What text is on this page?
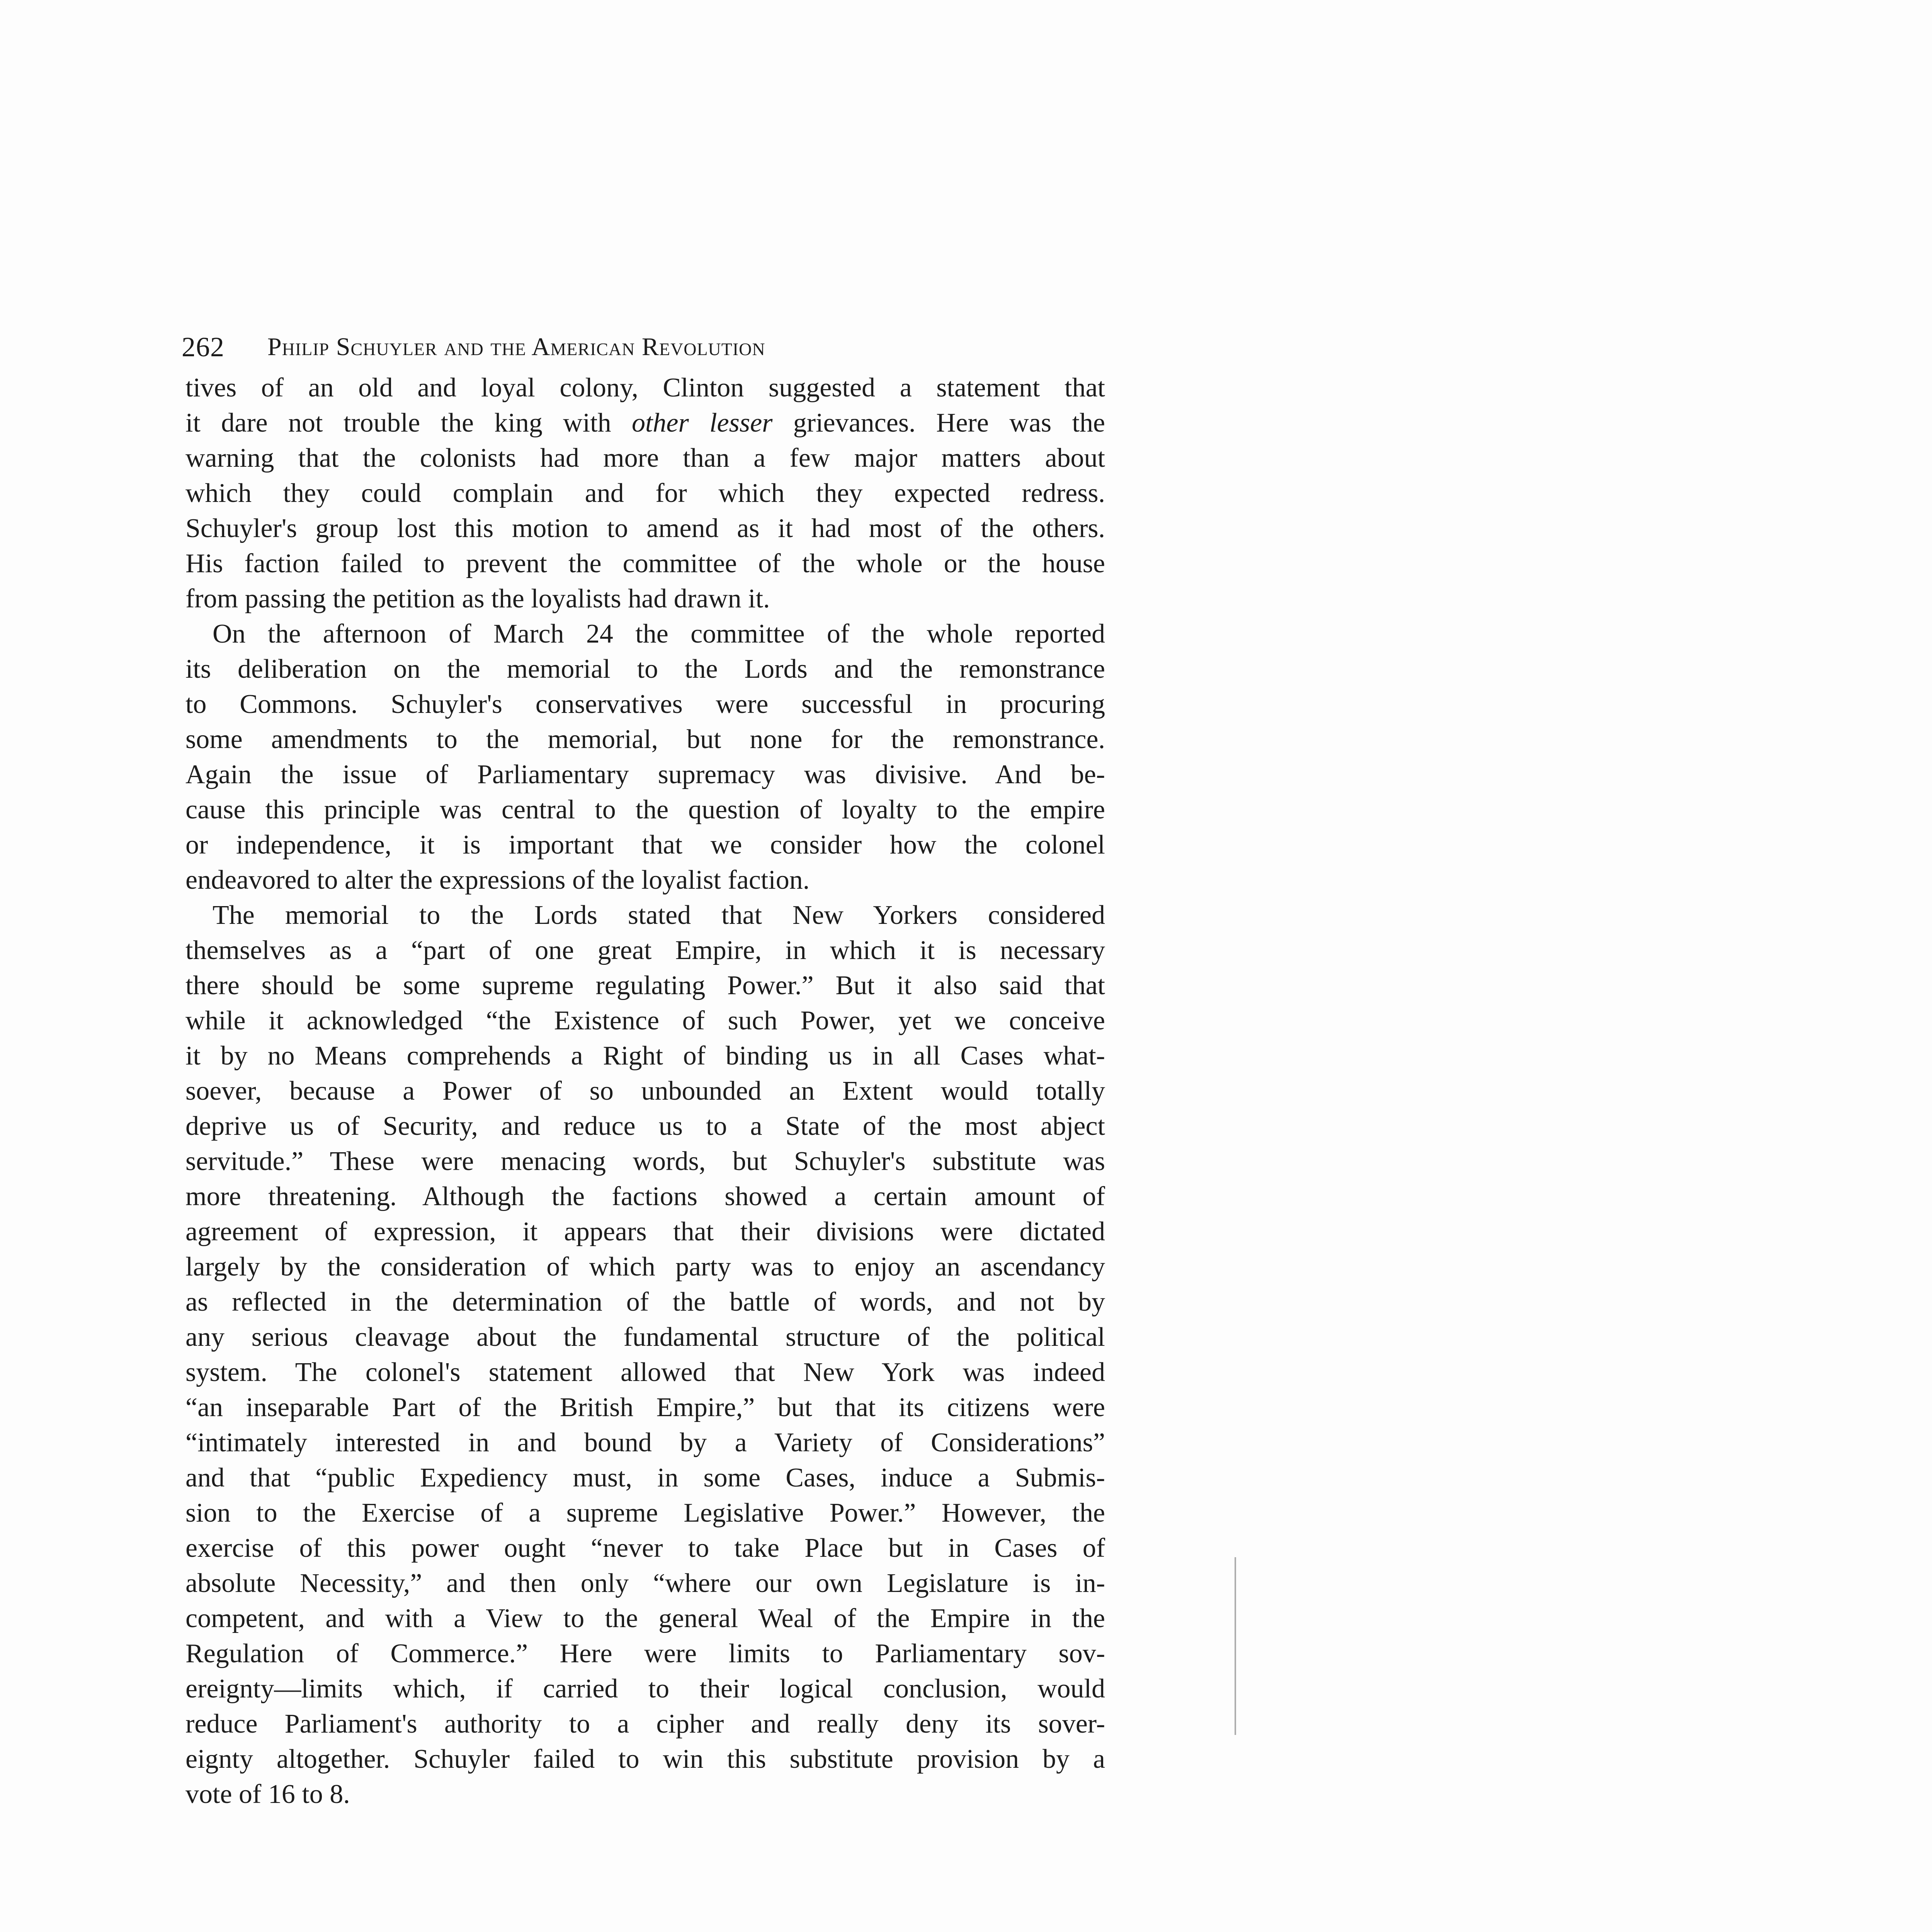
262 Philip Schuyler and the American Revolution

tives of an old and loyal colony, Clinton suggested a statement that
it dare not trouble the king with other lesser grievances. Here was the
warning that the colonists had more than a few major matters about
which they could complain and for which they expected redress.
Schuyler's group lost this motion to amend as it had most of the others.
His faction failed to prevent the committee of the whole or the house
from passing the petition as the loyalists had drawn it.

On the afternoon of March 24 the committee of the whole reported
its deliberation on the memorial to the Lords and the remonstrance
to Commons. Schuyler's conservatives were successful in procuring
some amendments to the memorial, but none for the remonstrance.
Again the issue of Parliamentary supremacy was divisive. And be-
cause this principle was central to the question of loyalty to the empire
or independence, it is important that we consider how the colonel
endeavored to alter the expressions of the loyalist faction.

The memorial to the Lords stated that New Yorkers considered
themselves as a “part of one great Empire, in which it is necessary
there should be some supreme regulating Power.” But it also said that
while it acknowledged “the Existence of such Power, yet we conceive
it by no Means comprehends a Right of binding us in all Cases what-
soever, because a Power of so unbounded an Extent would totally
deprive us of Security, and reduce us to a State of the most abject
servitude.” These were menacing words, but Schuyler's substitute was
more threatening. Although the factions showed a certain amount of
agreement of expression, it appears that their divisions were dictated
largely by the consideration of which party was to enjoy an ascendancy
as reflected in the determination of the battle of words, and not by
any serious cleavage about the fundamental structure of the political
system. The colonel's statement allowed that New York was indeed
“an inseparable Part of the British Empire,” but that its citizens were
“intimately interested in and bound by a Variety of Considerations”
and that “public Expediency must, in some Cases, induce a Submis-
sion to the Exercise of a supreme Legislative Power.” However, the
exercise of this power ought “never to take Place but in Cases of
absolute Necessity,” and then only “where our own Legislature is in-
competent, and with a View to the general Weal of the Empire in the
Regulation of Commerce.” Here were limits to Parliamentary sov-
ereignty—limits which, if carried to their logical conclusion, would
reduce Parliament's authority to a cipher and really deny its sover-
eignty altogether. Schuyler failed to win this substitute provision by a
vote of 16 to 8.
